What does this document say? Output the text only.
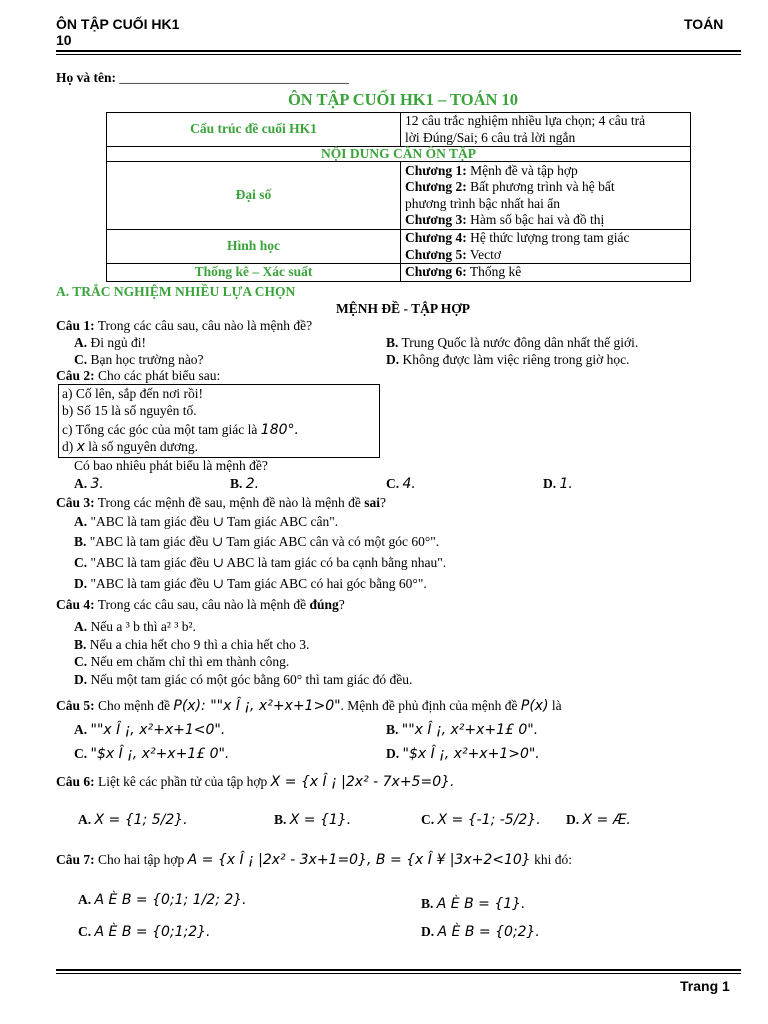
ÔN TẬP CUỐI HK1
10
TOÁN
Họ và tên: __________________________________
ÔN TẬP CUỐI HK1 – TOÁN 10
Cấu trúc đề cuối HK1	12 câu trắc nghiệm nhiều lựa chọn; 4 câu trả
lời Đúng/Sai; 6 câu trả lời ngắn

NỘI DUNG CẦN ÔN TẬP	
Đại số	Chương 1: Mệnh đề và tập hợp
Chương 2: Bất phương trình và hệ bất
phương trình bậc nhất hai ẩn
Chương 3: Hàm số bậc hai và đồ thị

Hình học	Chương 4: Hệ thức lượng trong tam giác
Chương 5: Vectơ

Thống kê – Xác suất	Chương 6: Thống kê
A. TRẮC NGHIỆM NHIỀU LỰA CHỌN
MỆNH ĐỀ - TẬP HỢP
Câu 1: Trong các câu sau, câu nào là mệnh đề?
A. Đi ngủ đi!	B. Trung Quốc là nước đông dân nhất thế giới.
C. Bạn học trường nào?	D. Không được làm việc riêng trong giờ học.
Câu 2: Cho các phát biểu sau:
a) Cố lên, sắp đến nơi rồi!
b) Số 15 là số nguyên tố.
c) Tổng các góc của một tam giác là 180°.
d) x là số nguyên dương.
Có bao nhiêu phát biểu là mệnh đề?
A. 3.	B. 2.	C. 4.	D. 1.
Câu 3: Trong các mệnh đề sau, mệnh đề nào là mệnh đề sai?
A. "ABC là tam giác đều ∪ Tam giác ABC cân".
B. "ABC là tam giác đều ∪ Tam giác ABC cân và có một góc 60°".
C. "ABC là tam giác đều ∪ ABC là tam giác có ba cạnh bằng nhau".
D. "ABC là tam giác đều ∪ Tam giác ABC có hai góc bằng 60°".
Câu 4: Trong các câu sau, câu nào là mệnh đề đúng?
A. Nếu a ³ b thì a² ³ b².
B. Nếu a chia hết cho 9 thì a chia hết cho 3.
C. Nếu em chăm chỉ thì em thành công.
D. Nếu một tam giác có một góc bằng 60° thì tam giác đó đều.
Câu 5: Cho mệnh đề P(x): ""x Î ¡, x²+x+1>0". Mệnh đề phủ định của mệnh đề P(x) là
A. ""x Î ¡, x²+x+1<0".	B. ""x Î ¡, x²+x+1£ 0".
C. "$x Î ¡, x²+x+1£ 0".	D. "$x Î ¡, x²+x+1>0".
Câu 6: Liệt kê các phần tử của tập hợp X = {x Î ¡ |2x² - 7x+5=0}.
A. X = {1; 5/2}.	B. X = {1}.	C. X = {-1; -5/2}. D. X = Æ.
Câu 7: Cho hai tập hợp A = {x Î ¡ |2x² - 3x+1=0}, B = {x Î ¥ |3x+2<10} khi đó:
A. A È B = {0;1; 1/2; 2}.	B. A È B = {1}.
C. A È B = {0;1;2}.	D. A È B = {0;2}.
Trang 1
